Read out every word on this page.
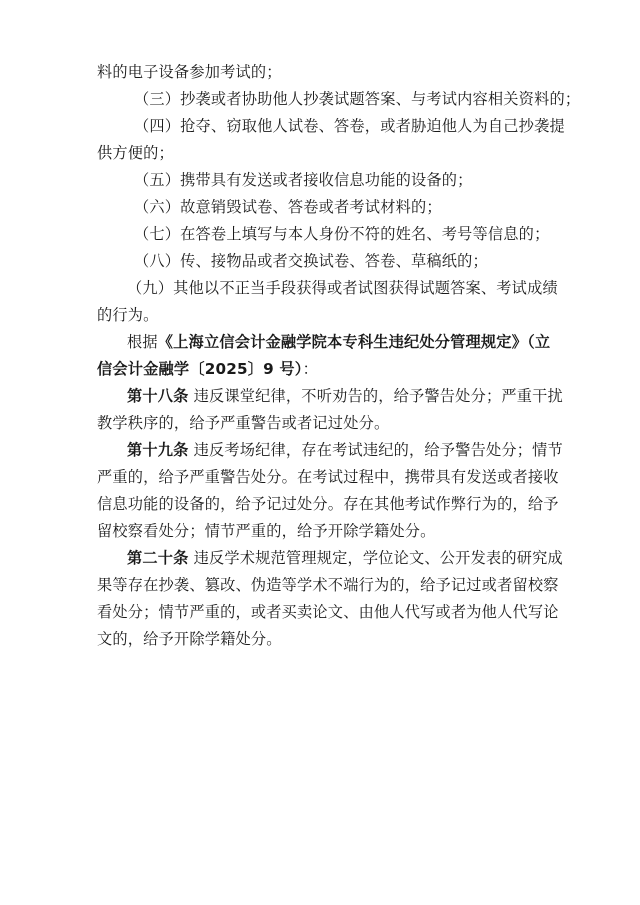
料的电子设备参加考试的；
（三）抄袭或者协助他人抄袭试题答案、与考试内容相关资料的；
（四）抢夺、窃取他人试卷、答卷，或者胁迫他人为自己抄袭提
供方便的；
（五）携带具有发送或者接收信息功能的设备的；
（六）故意销毁试卷、答卷或者考试材料的；
（七）在答卷上填写与本人身份不符的姓名、考号等信息的；
（八）传、接物品或者交换试卷、答卷、草稿纸的；
（九）其他以不正当手段获得或者试图获得试题答案、考试成绩
的行为。
根据《上海立信会计金融学院本专科生违纪处分管理规定》（立
信会计金融学〔2025〕9 号）：
第十八条 违反课堂纪律，不听劝告的，给予警告处分；严重干扰
教学秩序的，给予严重警告或者记过处分。
第十九条 违反考场纪律，存在考试违纪的，给予警告处分；情节
严重的，给予严重警告处分。在考试过程中，携带具有发送或者接收
信息功能的设备的，给予记过处分。存在其他考试作弊行为的，给予
留校察看处分；情节严重的，给予开除学籍处分。
第二十条 违反学术规范管理规定，学位论文、公开发表的研究成
果等存在抄袭、篡改、伪造等学术不端行为的，给予记过或者留校察
看处分；情节严重的，或者买卖论文、由他人代写或者为他人代写论
文的，给予开除学籍处分。
